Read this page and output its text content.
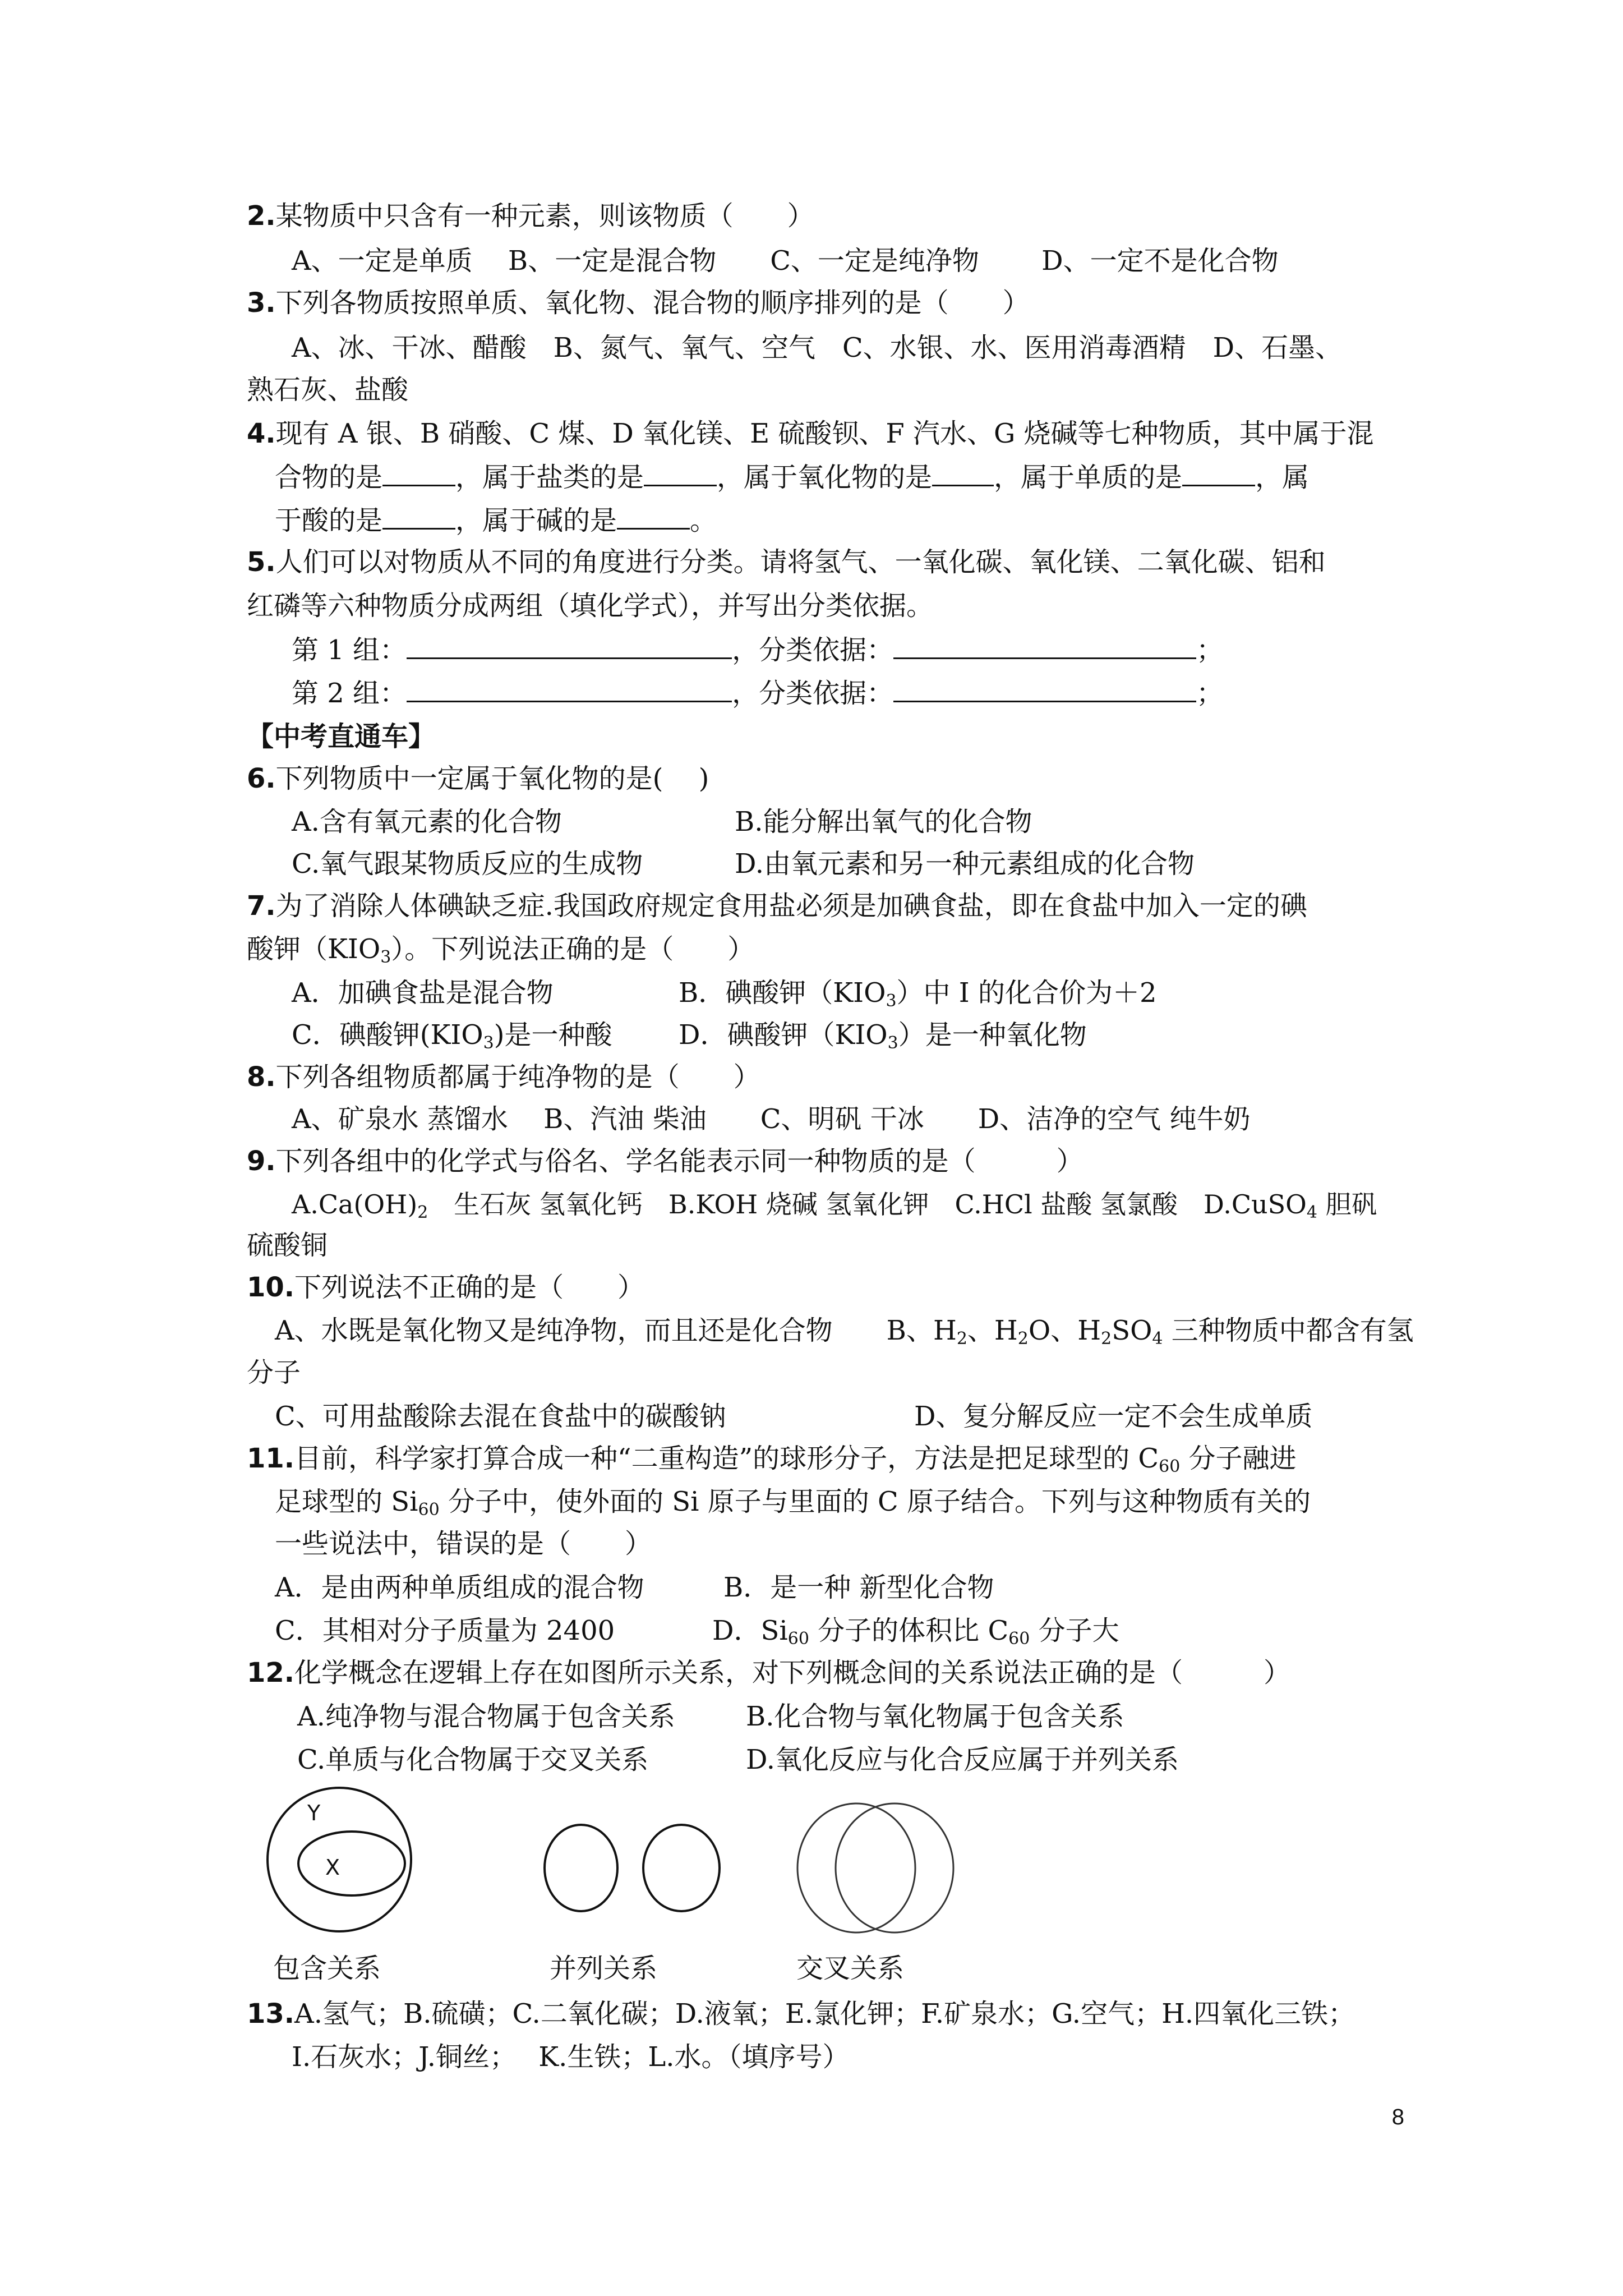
2.某物质中只含有一种元素，则该物质（　　）
A、一定是单质　 B、一定是混合物　　C、一定是纯净物　　 D、一定不是化合物
3.下列各物质按照单质、氧化物、混合物的顺序排列的是（　　）
A、冰、干冰、醋酸　B、氮气、氧气、空气　C、水银、水、医用消毒酒精　D、石墨、
熟石灰、盐酸
4.现有 A 银、B 硝酸、C 煤、D 氧化镁、E 硫酸钡、F 汽水、G 烧碱等七种物质，其中属于混
合物的是	，属于盐类的是	，属于氧化物的是 ，属于单质的是	，属
于酸的是	，属于碱的是	。
5.人们可以对物质从不同的角度进行分类。请将氢气、一氧化碳、氧化镁、二氧化碳、铝和
红磷等六种物质分成两组（填化学式），并写出分类依据。
第 1 组：	，分类依据：	；
第 2 组：	，分类依据：	；
【中考直通车】
6.下列物质中一定属于氧化物的是(　 )
A.含有氧元素的化合物	B.能分解出氧气的化合物
C.氧气跟某物质反应的生成物	D.由氧元素和另一种元素组成的化合物
7.为了消除人体碘缺乏症.我国政府规定食用盐必须是加碘食盐，即在食盐中加入一定的碘
酸钾$(KIO_3)$。下列说法正确的是（　　）
A．加碘食盐是混合物	B．碘酸钾$(KIO_3)$中 I 的化合价为＋2
C．碘酸钾$(KIO_3)$是一种酸 D．碘酸钾$(KIO_3)$是一种氧化物
8.下列各组物质都属于纯净物的是（　　）
A、矿泉水 蒸馏水　 B、汽油 柴油　　C、明矾 干冰　　D、洁净的空气 纯牛奶
9.下列各组中的化学式与俗名、学名能表示同一种物质的是（　　　）
$A.Ca(OH)_2$　生石灰 氢氧化钙　B.KOH 烧碱 氢氧化钾　C.HCl 盐酸 氢氯酸　D.CuSO$_4$ 胆矾
硫酸铜
10.下列说法不正确的是（　　）
A、水既是氧化物又是纯净物，而且还是化合物　　B、$H_2$、$H_2O$、$H_2SO_4$ 三种物质中都含有氢
分子
C、可用盐酸除去混在食盐中的碳酸钠	D、复分解反应一定不会生成单质
11.目前，科学家打算合成一种“二重构造”的球形分子，方法是把足球型的 $C_{60}$ 分子融进
足球型的 $Si_{60}$ 分子中，使外面的 Si 原子与里面的 C 原子结合。下列与这种物质有关的
一些说法中，错误的是（　　）
A．是由两种单质组成的混合物	B．是一种 新型化合物
C．其相对分子质量为 2400	D．$Si_{60}$ 分子的体积比 $C_{60}$ 分子大
12.化学概念在逻辑上存在如图所示关系，对下列概念间的关系说法正确的是（　　　）
A.纯净物与混合物属于包含关系	B.化合物与氧化物属于包含关系
C.单质与化合物属于交叉关系	D.氧化反应与化合反应属于并列关系
Y
X
包含关系	并列关系	交叉关系
13.A.氢气；B.硫磺；C.二氧化碳；D.液氧；E.氯化钾；F.矿泉水；G.空气；H.四氧化三铁；
I.石灰水；J.铜丝；　 K.生铁；L.水。（填序号）
8
